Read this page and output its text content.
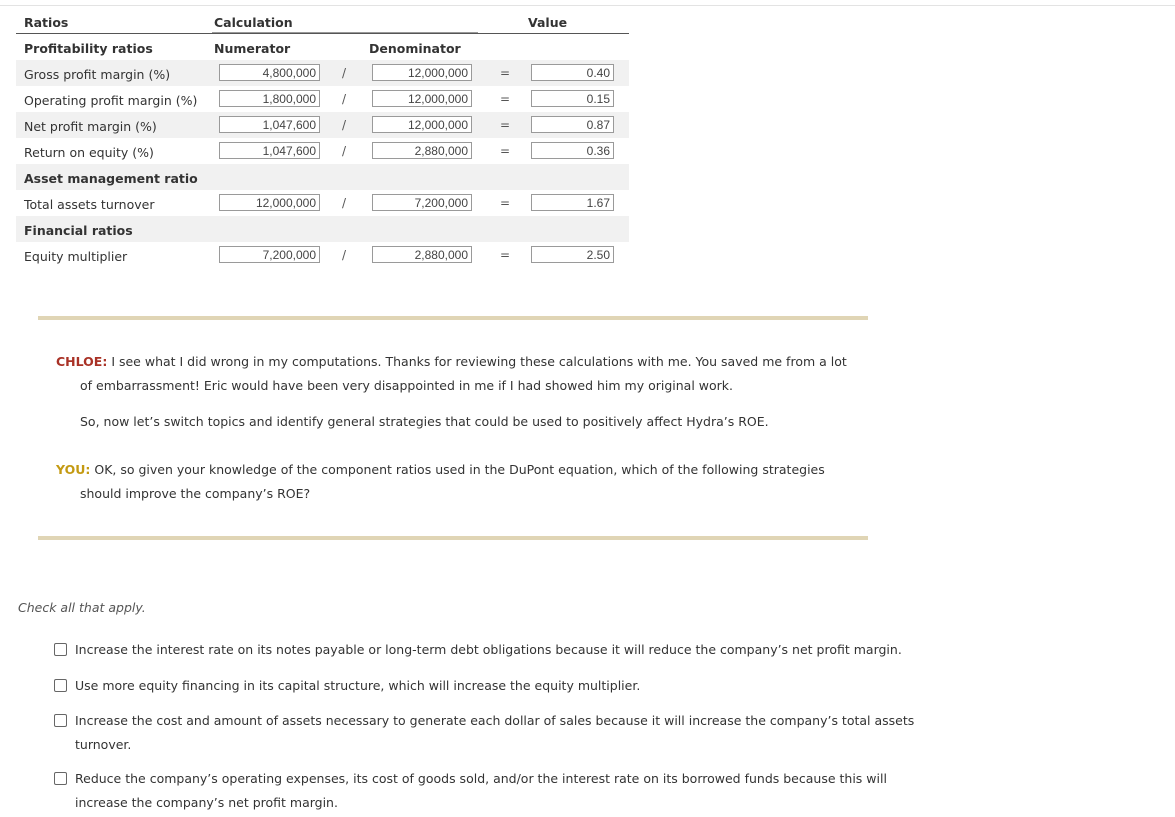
Ratios	Calculation	Value
Profitability ratios	Numerator	Denominator
Gross profit margin (%)	4,800,000	/	12,000,000	=	0.40
Operating profit margin (%)	1,800,000	/	12,000,000	=	0.15
Net profit margin (%)	1,047,600	/	12,000,000	=	0.87
Return on equity (%)	1,047,600	/	2,880,000	=	0.36
Asset management ratio
Total assets turnover	12,000,000	/	7,200,000	=	1.67
Financial ratios
Equity multiplier	7,200,000	/	2,880,000	=	2.50
CHLOE: I see what I did wrong in my computations. Thanks for reviewing these calculations with me. You saved me from a lot of embarrassment! Eric would have been very disappointed in me if I had showed him my original work.
So, now let’s switch topics and identify general strategies that could be used to positively affect Hydra’s ROE.
YOU: OK, so given your knowledge of the component ratios used in the DuPont equation, which of the following strategies should improve the company’s ROE?
Check all that apply.
Increase the interest rate on its notes payable or long-term debt obligations because it will reduce the company’s net profit margin.
Use more equity financing in its capital structure, which will increase the equity multiplier.
Increase the cost and amount of assets necessary to generate each dollar of sales because it will increase the company’s total assets turnover.
Reduce the company’s operating expenses, its cost of goods sold, and/or the interest rate on its borrowed funds because this will increase the company’s net profit margin.
